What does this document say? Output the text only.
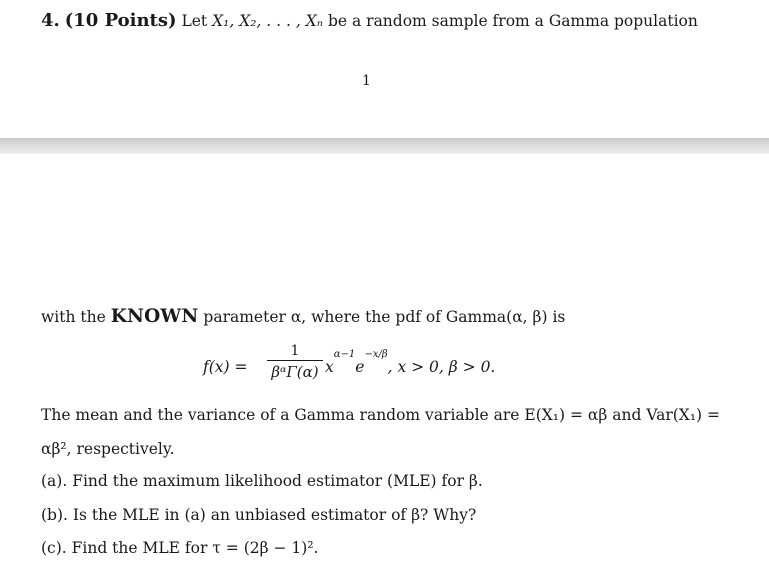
4. (10 Points) Let X₁, X₂, . . . , Xₙ be a random sample from a Gamma population
1
with the KNOWN parameter α, where the pdf of Gamma(α, β) is
f(x) =
1
βᵅΓ(α) $x^{\alpha-1}e^{-x/\beta}$, x > 0, β > 0.
The mean and the variance of a Gamma random variable are E(X₁) = αβ and Var(X₁) =
αβ², respectively.
(a). Find the maximum likelihood estimator (MLE) for β.
(b). Is the MLE in (a) an unbiased estimator of β? Why?
(c). Find the MLE for τ = (2β − 1)².
